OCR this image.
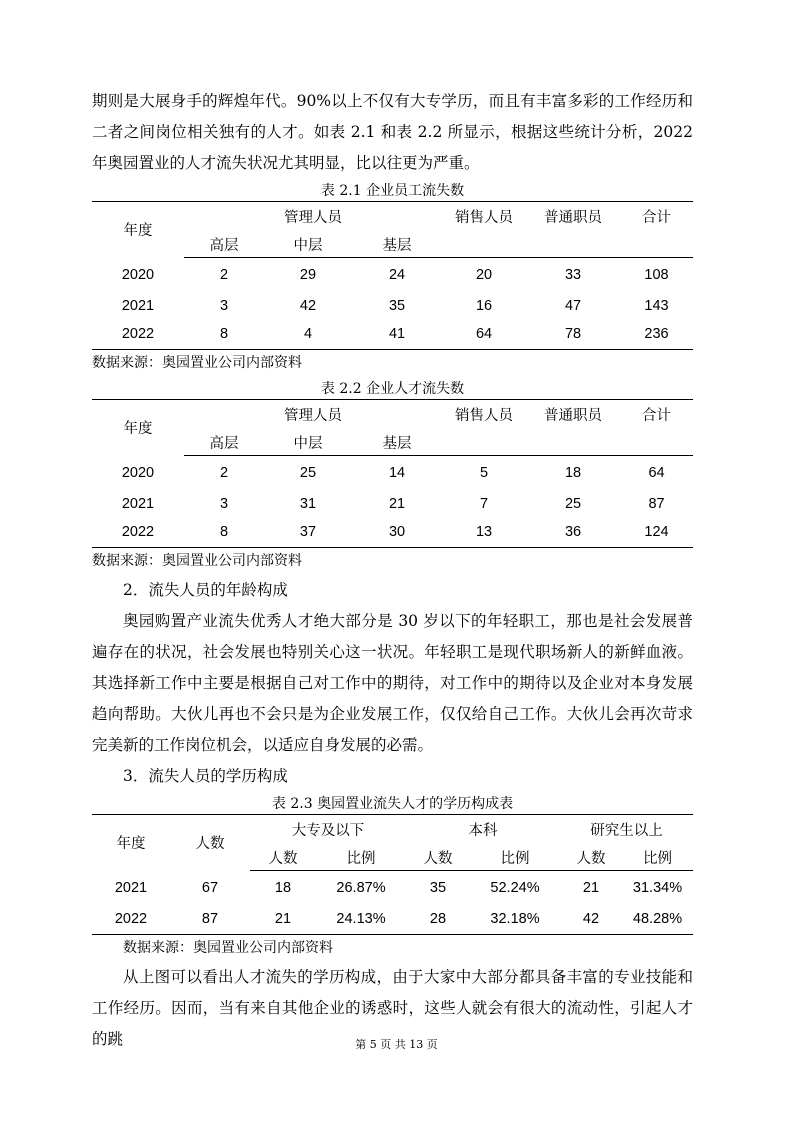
期则是大展身手的辉煌年代。90%以上不仅有大专学历，而且有丰富多彩的工作经历和二者之间岗位相关独有的人才。如表 2.1 和表 2.2 所显示，根据这些统计分析，2022 年奥园置业的人才流失状况尤其明显，比以往更为严重。

表 2.1 企业员工流失数
年度	管理人员			销售人员	普通职员	合计
	高层	中层	基层			
2020	2	29	24	20	33	108
2021	3	42	35	16	47	143
2022	8	4	41	64	78	236
数据来源：奥园置业公司内部资料
表 2.2 企业人才流失数
年度	管理人员			销售人员	普通职员	合计
	高层	中层	基层			
2020	2	25	14	5	18	64
2021	3	31	21	7	25	87
2022	8	37	30	13	36	124
数据来源：奥园置业公司内部资料

2．流失人员的年龄构成

奥园购置产业流失优秀人才绝大部分是 30 岁以下的年轻职工，那也是社会发展普遍存在的状况，社会发展也特别关心这一状况。年轻职工是现代职场新人的新鲜血液。其选择新工作中主要是根据自己对工作中的期待，对工作中的期待以及企业对本身发展趋向帮助。大伙儿再也不会只是为企业发展工作，仅仅给自己工作。大伙儿会再次苛求完美新的工作岗位机会，以适应自身发展的必需。

3．流失人员的学历构成

表 2.3 奥园置业流失人才的学历构成表
年度	人数	大专及以下		本科		研究生以上	
		人数	比例	人数	比例	人数	比例
2021	67	18	26.87%	35	52.24%	21	31.34%
2022	87	21	24.13%	28	32.18%	42	48.28%
数据来源：奥园置业公司内部资料

从上图可以看出人才流失的学历构成，由于大家中大部分都具备丰富的专业技能和工作经历。因而，当有来自其他企业的诱惑时，这些人就会有很大的流动性，引起人才的跳	第 5 页 共 13 页
